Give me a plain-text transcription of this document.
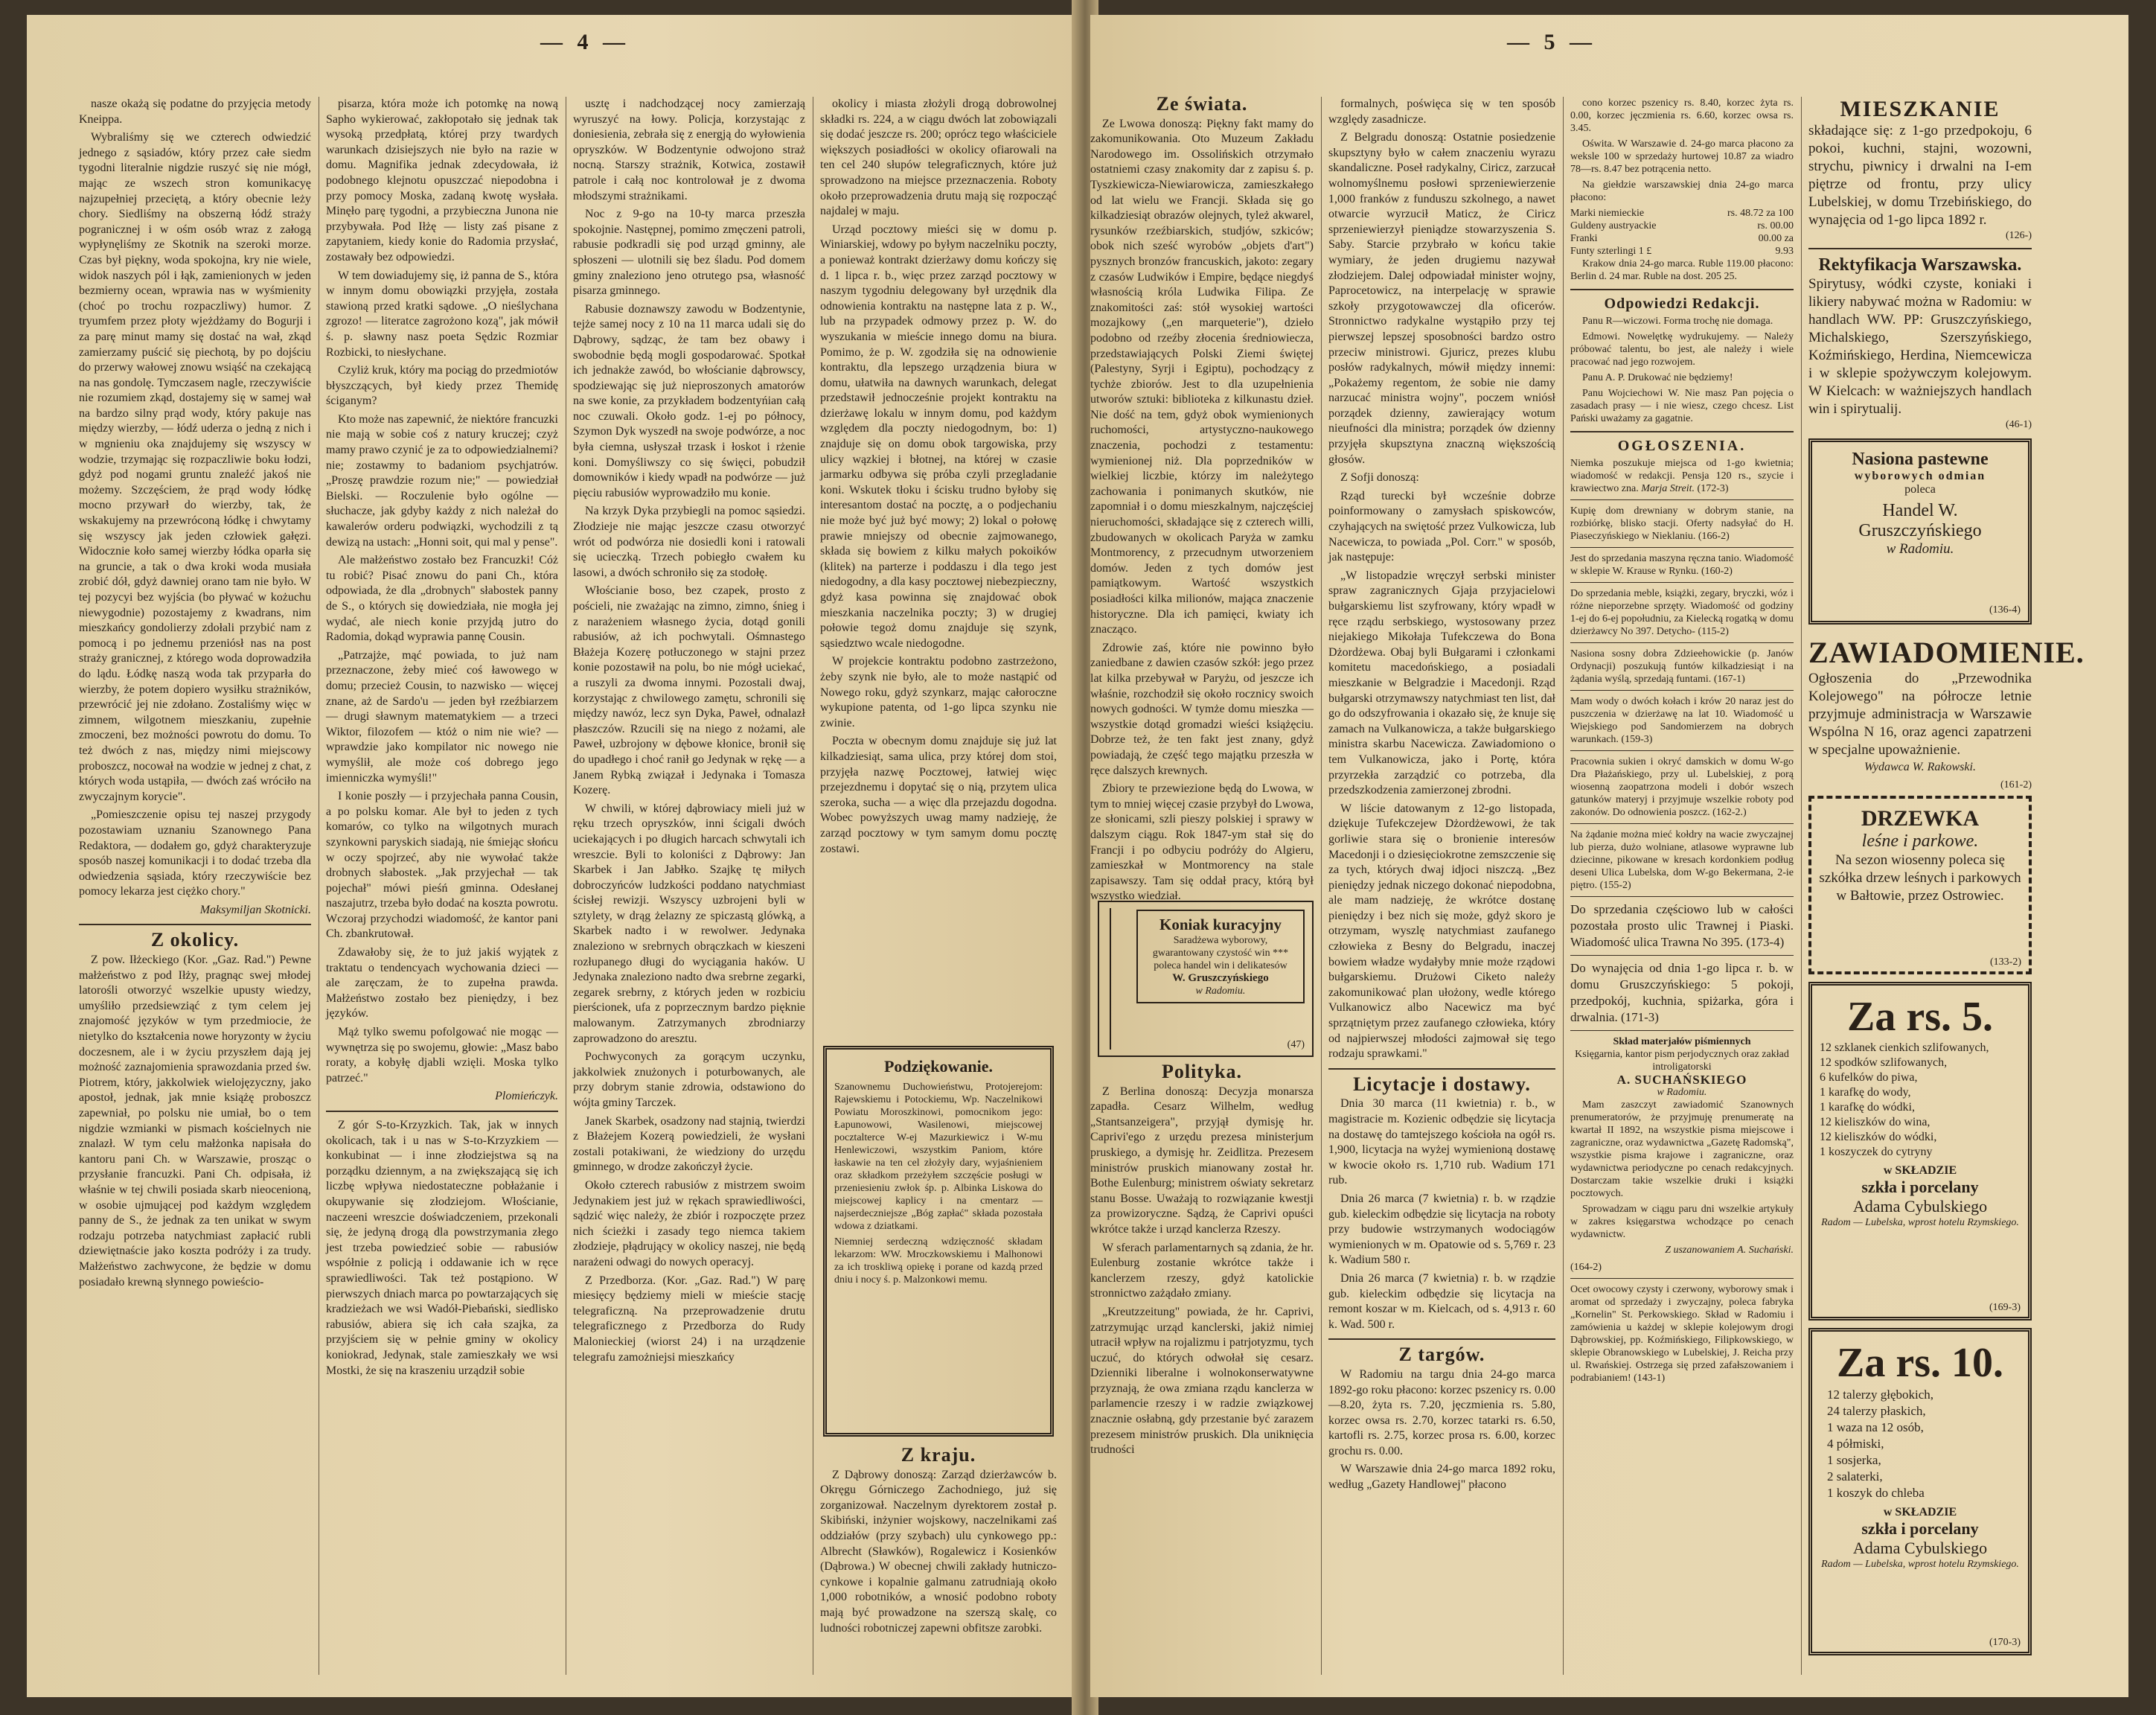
— 4 —

nasze okażą się podatne do przyjęcia metody Kneippa.

Wybraliśmy się we czterech odwiedzić jednego z sąsiadów, który przez całe siedm tygodni literalnie nigdzie ruszyć się nie mógł, mając ze wszech stron komunikacyę najzupełniej przeciętą, a który obecnie leży chory. Siedliśmy na obszerną łódź straży pogranicznej i w ośm osób wraz z załogą wypłynęliśmy ze Skotnik na szeroki morze. Czas był piękny, woda spokojna, kry nie wiele, widok naszych pól i łąk, zamienionych w jeden bezmierny ocean, wprawia nas w wyśmienity (choć po trochu rozpaczliwy) humor. Z tryumfem przez płoty wjeżdżamy do Bogurji i za parę minut mamy się dostać na wał, zkąd zamierzamy puścić się piechotą, by po dojściu do przerwy wałowej znowu wsiąść na czekającą na nas gondolę. Tymczasem nagle, rzeczywiście nie rozumiem zkąd, dostajemy się w samej wał na bardzo silny prąd wody, który pakuje nas między wierzby, — łódź uderza o jedną z nich i w mgnieniu oka znajdujemy się wszyscy w wodzie, trzymając się rozpaczliwie boku łodzi, gdyż pod nogami gruntu znaleźć jakoś nie możemy. Szczęściem, że prąd wody łódkę mocno przywarł do wierzby, tak, że wskakujemy na przewróconą łódkę i chwytamy się wszyscy jak jeden człowiek gałęzi. Widocznie koło samej wierzby łódka oparła się na gruncie, a tak o dwa kroki woda musiała zrobić dół, gdyż dawniej orano tam nie było. W tej pozycyi bez wyjścia (bo pływać w kożuchu niewygodnie) pozostajemy z kwadrans, nim mieszkańcy gondolierzy zdołali przybić nam z pomocą i po jednemu przeniósł nas na post straży granicznej, z którego woda doprowadziła do lądu. Łódkę naszą woda tak przyparła do wierzby, że potem dopiero wysiłku strażników, przewrócić jej nie zdołano. Zostaliśmy więc w zimnem, wilgotnem mieszkaniu, zupełnie zmoczeni, bez możności powrotu do domu. To też dwóch z nas, między nimi miejscowy proboszcz, nocował na wodzie w jednej z chat, z których woda ustąpiła, — dwóch zaś wróciło na zwyczajnym korycie".

„Pomieszczenie opisu tej naszej przygody pozostawiam uznaniu Szanownego Pana Redaktora, — dodałem go, gdyż charakteryzuje sposób naszej komunikacji i to dodać trzeba dla odwiedzenia sąsiada, który rzeczywiście bez pomocy lekarza jest ciężko chory."

Maksymiljan Skotnicki.
Z okolicy.

Z pow. Iłżeckiego (Kor. „Gaz. Rad.") Pewne małżeństwo z pod Iłży, pragnąc swej młodej latorośli otworzyć wszelkie upusty wiedzy, umyśliło przedsiewziąć z tym celem jej znajomość języków w tym przedmiocie, że nietylko do kształcenia nowe horyzonty w życiu doczesnem, ale i w życiu przyszłem dają jej możność zaznajomienia sprawozdania przed św. Piotrem, który, jakkolwiek wielojęzyczny, jako apostoł, jednak, jak mnie książę proboszcz zapewniał, po polsku nie umiał, bo o tem nigdzie wzmianki w pismach kościelnych nie znalazł. W tym celu małżonka napisała do kantoru pani Ch. w Warszawie, prosząc o przysłanie francuzki. Pani Ch. odpisała, iż właśnie w tej chwili posiada skarb nieocenioną, w osobie ujmującej pod każdym względem panny de S., że jednak za ten unikat w swym rodzaju potrzeba natychmiast zapłacić rubli dziewiętnaście jako koszta podróży i za trudy. Małżeństwo zachwycone, że będzie w domu posiadało krewną słynnego powieścio-

pisarza, która może ich potomkę na nową Sapho wykierować, zakłopotało się jednak tak wysoką przedpłatą, której przy twardych warunkach dzisiejszych nie było na razie w domu. Magnifika jednak zdecydowała, iż podobnego klejnotu opuszczać niepodobna i przy pomocy Moska, zadaną kwotę wysłała. Minęło parę tygodni, a przybieczna Junona nie przybywała. Pod Iłżę — listy zaś pisane z zapytaniem, kiedy konie do Radomia przysłać, zostawały bez odpowiedzi.

W tem dowiadujemy się, iż panna de S., która w innym domu obowiązki przyjęła, została stawioną przed kratki sądowe. „O nieślychana zgrozo! — literatce zagrożono kozą", jak mówił ś. p. sławny nasz poeta Sędzic Rozmiar Rozbicki, to niesłychane.

Czyliż kruk, który ma pociąg do przedmiotów błyszczących, był kiedy przez Themidę ściganym?

Kto może nas zapewnić, że niektóre francuzki nie mają w sobie coś z natury kruczej; czyż mamy prawo czynić je za to odpowiedzialnemi? nie; zostawmy to badaniom psychjatrów. „Proszę prawdzie rozum nie;" — powiedział Bielski. — Roczulenie było ogólne — słuchacze, jak gdyby każdy z nich należał do kawalerów orderu podwiązki, wychodzili z tą dewizą na ustach: „Honni soit, qui mal y pense".

Ale małżeństwo zostało bez Francuzki! Cóż tu robić? Pisać znowu do pani Ch., która odpowiada, że dla „drobnych" słabostek panny de S., o których się dowiedziała, nie mogła jej wydać, ale niech konie przyjdą jutro do Radomia, dokąd wyprawia pannę Cousin.

„Patrzajże, mąć powiada, to już nam przeznaczone, żeby mieć coś ławowego w domu; przecież Cousin, to nazwisko — więcej znane, aż de Sardo'u — jeden był rzeźbiarzem — drugi sławnym matematykiem — a trzeci Wiktor, filozofem — któż o nim nie wie? — wprawdzie jako kompilator nic nowego nie wymyślił, ale może coś dobrego jego imienniczka wymyśli!"

I konie poszły — i przyjechała panna Cousin, a po polsku komar. Ale był to jeden z tych komarów, co tylko na wilgotnych murach szynkowni paryskich siadają, nie śmiejąc słońcu w oczy spojrzeć, aby nie wywołać także drobnych słabostek. „Jak przyjechał — tak pojechał" mówi pieśń gminna. Odesłanej naszajutrz, trzeba było dodać na koszta powrotu. Wczoraj przychodzi wiadomość, że kantor pani Ch. zbankrutował.

Zdawałoby się, że to już jakiś wyjątek z traktatu o tendencyach wychowania dzieci — ale zaręczam, że to zupełna prawda. Małżeństwo zostało bez pieniędzy, i bez języków.

Mąż tylko swemu pofolgować nie mogąc — wywnętrza się po swojemu, głowie: „Masz babo roraty, a kobyłę djabli wzięli. Moska tylko patrzeć."

Plomieńczyk.

Z gór S-to-Krzyzkich. Tak, jak w innych okolicach, tak i u nas w S-to-Krzyzkiem — konkubinat — i inne złodziejstwa są na porządku dziennym, a na zwiększającą się ich liczbę wpływa niedostateczne pobłażanie i okupywanie się złodziejom. Włościanie, naczeeni wreszcie doświadczeniem, przekonali się, że jedyną drogą dla powstrzymania złego jest trzeba powiedzieć sobie — rabusiów współnie z policją i oddawanie ich w ręce sprawiedliwości. Tak też postąpiono. W pierwszych dniach marca po powtarzających się kradzieżach we wsi Wadół-Piebański, siedlisko rabusiów, abiera się ich cała szajka, za przyjściem się w pełnie gminy w okolicy koniokrad, Jedynak, stale zamieszkały we wsi Mostki, że się na kraszeniu urządził sobie

usztę i nadchodzącej nocy zamierzają wyruszyć na łowy. Policja, korzystając z doniesienia, zebrała się z energją do wyłowienia opryszków. W Bodzentynie odwojono straż nocną. Starszy strażnik, Kotwica, zostawił patrole i całą noc kontrolował je z dwoma młodszymi strażnikami.

Noc z 9-go na 10-ty marca przeszła spokojnie. Następnej, pomimo zmęczeni patroli, rabusie podkradli się pod urząd gminny, ale spłoszeni — ulotnili się bez śladu. Pod domem gminy znaleziono jeno otrutego psa, własność pisarza gminnego.

Rabusie doznawszy zawodu w Bodzentynie, tejże samej nocy z 10 na 11 marca udali się do Dąbrowy, sądząc, że tam bez obawy i swobodnie będą mogli gospodarować. Spotkał ich jednakże zawód, bo włościanie dąbrowscy, spodziewając się już nieproszonych amatorów na swe konie, za przykładem bodzentyńian całą noc czuwali. Około godz. 1-ej po północy, Szymon Dyk wyszedł na swoje podwórze, a noc była ciemna, usłyszał trzask i łoskot i rżenie koni. Domyśliwszy co się święci, pobudził domowników i kiedy wpadł na podwórze — już pięciu rabusiów wyprowadziło mu konie.

Na krzyk Dyka przybiegli na pomoc sąsiedzi. Złodzieje nie mając jeszcze czasu otworzyć wrót od podwórza nie dosiedli koni i ratowali się ucieczką. Trzech pobiegło cwałem ku lasowi, a dwóch schroniło się za stodołę.

Włościanie boso, bez czapek, prosto z pościeli, nie zważając na zimno, zimno, śnieg i z narażeniem własnego życia, dotąd gonili rabusiów, aż ich pochwytali. Ośmnastego Błażeja Kozerę potłuczonego w stajni przez konie pozostawił na polu, bo nie mógł uciekać, a ruszyli za dwoma innymi. Pozostali dwaj, korzystając z chwilowego zamętu, schronili się między nawóz, lecz syn Dyka, Paweł, odnalazł płaszczów. Rzucili się na niego z nożami, ale Paweł, uzbrojony w dębowe kłonice, bronił się do upadłego i choć ranił go Jedynak w rękę — a Janem Rybką związał i Jedynaka i Tomasza Kozerę.

W chwili, w której dąbrowiacy mieli już w ręku trzech opryszków, inni ścigali dwóch uciekających i po długich harcach schwytali ich wreszcie. Byli to koloniści z Dąbrowy: Jan Skarbek i Jan Jabłko. Szajkę tę miłych dobroczyńców ludzkości poddano natychmiast ścisłej rewizji. Wszyscy uzbrojeni byli w sztylety, w drąg żelazny ze spiczastą glówką, a Skarbek nadto i w rewolwer. Jedynaka znaleziono w srebrnych obrączkach w kieszeni rozłupanego długi do wyciągania haków. U Jedynaka znaleziono nadto dwa srebrne zegarki, zegarek srebrny, z których jeden w rozbiciu pierścionek, ufa z poprzecznym bardzo pięknie malowanym. Zatrzymanych zbrodniarzy zaprowadzono do aresztu.

Pochwyconych za gorącym uczynku, jakkolwiek znużonych i poturbowanych, ale przy dobrym stanie zdrowia, odstawiono do wójta gminy Tarczek.

Janek Skarbek, osadzony nad stajnią, twierdzi z Błażejem Kozerą powiedzieli, że wysłani zostali potakiwani, że wiedziony do urzędu gminnego, w drodze zakończył życie.

Około czterech rabusiów z mistrzem swoim Jedynakiem jest już w rękach sprawiedliwości, sądzić więc należy, że zbiór i rozpoczęte przez nich ścieżki i zasady tego niemca takiem złodzieje, płądrujący w okolicy naszej, nie będą narażeni odwagi do nowych operacyj.

Z Przedborza. (Kor. „Gaz. Rad.") W parę miesięcy będziemy mieli w mieście stację telegraficzną. Na przeprowadzenie drutu telegraficznego z Przedborza do Rudy Malonieckiej (wiorst 24) i na urządzenie telegrafu zamożniejsi mieszkańcy

okolicy i miasta złożyli drogą dobrowolnej składki rs. 224, a w ciągu dwóch lat zobowiązali się dodać jeszcze rs. 200; oprócz tego właściciele większych posiadłości w okolicy ofiarowali na ten cel 240 słupów telegraficznych, które już sprowadzono na miejsce przeznaczenia. Roboty około przeprowadzenia drutu mają się rozpocząć najdalej w maju.

Urząd pocztowy mieści się w domu p. Winiarskiej, wdowy po byłym naczelniku poczty, a ponieważ kontrakt dzierżawy domu kończy się d. 1 lipca r. b., więc przez zarząd pocztowy w naszym tygodniu delegowany był urzędnik dla odnowienia kontraktu na następne lata z p. W., lub na przypadek odmowy przez p. W. do wyszukania w mieście innego domu na biura. Pomimo, że p. W. zgodziła się na odnowienie kontraktu, dla lepszego urządzenia biura w domu, ułatwiła na dawnych warunkach, delegat przedstawił jednocześnie projekt kontraktu na dzierżawę lokalu w innym domu, pod każdym względem dla poczty niedogodnym, bo: 1) znajduje się on domu obok targowiska, przy ulicy wązkiej i błotnej, na której w czasie jarmarku odbywa się próba czyli przegladanie koni. Wskutek tłoku i ścisku trudno byłoby się interesantom dostać na pocztę, a o podjechaniu nie może być już być mowy; 2) lokal o połowę prawie mniejszy od obecnie zajmowanego, składa się bowiem z kilku małych pokoików (klitek) na parterze i poddaszu i dla tego jest niedogodny, a dla kasy pocztowej niebezpieczny, gdyż kasa powinna się znajdować obok mieszkania naczelnika poczty; 3) w drugiej połowie tegoż domu znajduje się szynk, sąsiedztwo wcale niedogodne.

W projekcie kontraktu podobno zastrzeżono, żeby szynk nie było, ale to może nastąpić od Nowego roku, gdyż szynkarz, mając całoroczne wykupione patenta, od 1-go lipca szynku nie zwinie.

Poczta w obecnym domu znajduje się już lat kilkadziesiąt, sama ulica, przy której dom stoi, przyjęła nazwę Pocztowej, łatwiej więc przejezdnemu i dopytać się o nią, przytem ulica szeroka, sucha — a więc dla przejazdu dogodna. Wobec powyższych uwag mamy nadzieję, że zarząd pocztowy w tym samym domu pocztę zostawi.

Podziękowanie.
Szanownemu Duchowieństwu, Protojerejom: Rajewskiemu i Potockiemu, Wp. Naczelnikowi Powiatu Moroszkinowi, pomocnikom jego: Łapunowowi, Wasilenowi, miejscowej pocztalterce W-ej Mazurkiewicz i W-mu Henlewiczowi, wszystkim Paniom, które łaskawie na ten cel złożyły dary, wyjaśnieniem oraz składkom przeżyłem szczęście posługi w przeniesieniu zwłok śp. p. Albinka Liskowa do miejscowej kaplicy i na cmentarz — najserdeczniejsze „Bóg zapłać" składa pozostała wdowa z dziatkami.
Niemniej serdeczną wdzięczność składam lekarzom: WW. Mroczkowskiemu i Malhonowi za ich troskliwą opiekę i porane od kazdą przed dniu i nocy ś. p. Malzonkowi memu.
Z kraju.

Z Dąbrowy donoszą: Zarząd dzierżawców b. Okręgu Górniczego Zachodniego, już się zorganizował. Naczelnym dyrektorem został p. Skibiński, inżynier wojskowy, naczelnikami zaś oddziałów (przy szybach) ulu cynkowego pp.: Albrecht (Sławków), Rogalewicz i Kosienków (Dąbrowa.) W obecnej chwili zakłady hutniczo-cynkowe i kopalnie galmanu zatrudniają około 1,000 robotników, a wnosić podobno roboty mają być prowadzone na szerszą skalę, co ludności robotniczej zapewni obfitsze zarobki.

— 5 —
Ze świata.

Ze Lwowa donoszą: Piękny fakt mamy do zakomunikowania. Oto Muzeum Zakładu Narodowego im. Ossolińskich otrzymało ostatniemi czasy znakomity dar z zapisu ś. p. Tyszkiewicza-Niewiarowicza, zamieszkałego od lat wielu we Francji. Składa się go kilkadziesiąt obrazów olejnych, tyleż akwarel, rysunków rzeźbiarskich, studjów, szkiców; obok nich sześć wyrobów „objets d'art") pysznych bronzów francuskich, jakoto: zegary z czasów Ludwików i Empire, będące niegdyś własnością króla Ludwika Filipa. Ze znakomitości zaś: stół wysokiej wartości mozajkowy („en marqueterie"), dzieło podobno od rzeźby złocenia średniowiecza, przedstawiających Polski Ziemi świętej (Palestyny, Syrji i Egiptu), pochodzący z tychże zbiorów. Jest to dla uzupełnienia utworów sztuki: biblioteka z kilkunastu dzieł. Nie dość na tem, gdyż obok wymienionych ruchomości, artystyczno-naukowego znaczenia, pochodzi z testamentu: wymienionej niż. Dla poprzedników w wielkiej liczbie, którzy im należytego zachowania i ponimanych skutków, nie zapomniał i o domu mieszkalnym, najczęściej nieruchomości, składające się z czterech willi, zbudowanych w okolicach Paryża w zamku Montmorency, z przecudnym utworzeniem domów. Jeden z tych domów jest pamiątkowym. Wartość wszystkich posiadłości kilka milionów, mająca znaczenie historyczne. Dla ich pamięci, kwiaty ich znacząco.

Zdrowie zaś, które nie powinno było zaniedbane z dawien czasów szkół: jego przez lat kilka przebywał w Paryżu, od jeszcze ich właśnie, rozchodził się około rocznicy swoich nowych godności. W tymże domu mieszka — wszystkie dotąd gromadzi wieści książęciu. Dobrze też, że ten fakt jest znany, gdyż powiadają, że część tego majątku przeszła w ręce dalszych krewnych.

Zbiory te przewiezione będą do Lwowa, w tym to mniej więcej czasie przybył do Lwowa, ze słonicami, szli pieszy polskiej i sprawy w dalszym ciągu. Rok 1847-ym stał się do Francji i po odbyciu podróży do Algieru, zamieszkał w Montmorency na stale zapisawszy. Tam się oddał pracy, którą był wszystko wiedział.

Koniak kuracyjny
Saradżewa wyborowy, gwarantowany czystość win *** poleca handel win i delikatesów
W. Gruszczyńskiego
w Radomiu.
(47)
Polityka.

Z Berlina donoszą: Decyzja monarsza zapadła. Cesarz Wilhelm, według „Stantsanzeigera", przyjął dymisję hr. Caprivi'ego z urzędu prezesa ministerjum pruskiego, a dymisję hr. Zeidlitza. Prezesem ministrów pruskich mianowany został hr. Bothe Eulenburg; ministrem oświaty sekretarz stanu Bosse. Uważają to rozwiązanie kwestji za prowizoryczne. Sądzą, że Caprivi opuści wkrótce także i urząd kanclerza Rzeszy.

W sferach parlamentarnych są zdania, że hr. Eulenburg zostanie wkrótce także i kanclerzem rzeszy, gdyż katolickie stronnictwo zażądało zmiany.

„Kreutzzeitung" powiada, że hr. Caprivi, zatrzymując urząd kanclerski, jakiż nimiej utracił wpływ na rojalizmu i patrjotyzmu, tych uczuć, do których odwołał się cesarz. Dzienniki liberalne i wolnokonserwatywne przyznają, że owa zmiana rządu kanclerza w parlamencie rzeszy i w radzie związkowej znacznie osłabną, gdy przestanie być zarazem prezesem ministrów pruskich. Dla uniknięcia trudności

formalnych, poświęca się w ten sposób względy zasadnicze.

Z Belgradu donoszą: Ostatnie posiedzenie skupsztyny było w całem znaczeniu wyrazu skandaliczne. Poseł radykalny, Ciricz, zarzucał wolnomyślnemu posłowi sprzeniewierzenie 1,000 franków z funduszu szkolnego, a nawet otwarcie wyrzucił Maticz, że Ciricz sprzeniewierzył pieniądze stowarzyszenia S. Saby. Starcie przybrało w końcu takie wymiary, że jeden drugiemu nazywał złodziejem. Dalej odpowiadał minister wojny, Paprocetowicz, na interpelację w sprawie szkoły przygotowawczej dla oficerów. Stronnictwo radykalne wystąpiło przy tej pierwszej lepszej sposobności bardzo ostro przeciw ministrowi. Gjuricz, prezes klubu posłów radykalnych, mówił między innemi: „Pokażemy regentom, że sobie nie damy narzucać ministra wojny", poczem wniósł porządek dzienny, zawierający wotum nieufności dla ministra; porządek ów dzienny przyjęła skupsztyna znaczną większością głosów.

Z Sofji donoszą:

Rząd turecki był wcześnie dobrze poinformowany o zamysłach spiskowców, czyhających na swiętość przez Vulkowicza, lub Nacewicza, to powiada „Pol. Corr." w sposób, jak następuje:

„W listopadzie wręczył serbski minister spraw zagranicznych Gjaja przyjacielowi bułgarskiemu list szyfrowany, który wpadł w ręce rządu serbskiego, wystosowany przez niejakiego Mikołaja Tufekczewa do Bona Dżordżewa. Obaj byli Bułgarami i członkami komitetu macedońskiego, a posiadali mieszkanie w Belgradzie i Macedonji. Rząd bułgarski otrzymawszy natychmiast ten list, dał go do odszyfrowania i okazało się, że knuje się zamach na Vulkanowicza, a także bułgarskiego ministra skarbu Nacewicza. Zawiadomiono o tem Vulkanowicza, jako i Portę, która przyrzekła zarządzić co potrzeba, dla przedszkodzenia zamierzonej zbrodni.

W liście datowanym z 12-go listopada, dziękuje Tufekczejew Dżordżewowi, że tak gorliwie stara się o bronienie interesów Macedonji i o dziesięciokrotne zemszczenie się za tych, których dwaj idjoci niszczą. „Bez pieniędzy jednak niczego dokonać niepodobna, ale mam nadzieję, że wkrótce dostanę pieniędzy i bez nich się może, gdyż skoro je otrzymam, wyszlę natychmiast zaufanego człowieka z Besny do Belgradu, inaczej bowiem władze wydałyby mnie może rządowi bułgarskiemu. Drużowi Ciketo należy zakomunikować plan ułożony, wedle którego Vulkanowicz albo Nacewicz ma być sprzątniętym przez zaufanego człowieka, który od najpierwszej młodości zajmował się tego rodzaju sprawkami."

Licytacje i dostawy.

Dnia 30 marca (11 kwietnia) r. b., w magistracie m. Kozienic odbędzie się licytacja na dostawę do tamtejszego kościoła na ogół rs. 1,900, licytacja na wyżej wymienioną dostawę w kwocie około rs. 1,710 rub. Wadium 171 rub.

Dnia 26 marca (7 kwietnia) r. b. w rządzie gub. kieleckim odbędzie się licytacja na roboty przy budowie wstrzymanych wodociągów wymienionych w m. Opatowie od s. 5,769 r. 23 k. Wadium 580 r.

Dnia 26 marca (7 kwietnia) r. b. w rządzie gub. kieleckim odbędzie się licytacja na remont koszar w m. Kielcach, od s. 4,913 r. 60 k. Wad. 500 r.

Z targów.

W Radomiu na targu dnia 24-go marca 1892-go roku płacono: korzec pszenicy rs. 0.00—8.20, żyta rs. 7.20, jęczmienia rs. 5.80, korzec owsa rs. 2.70, korzec tatarki rs. 6.50, kartofli rs. 2.75, korzec prosa rs. 6.00, korzec grochu rs. 0.00.

W Warszawie dnia 24-go marca 1892 roku, według „Gazety Handlowej" płacono

cono korzec pszenicy rs. 8.40, korzec żyta rs. 0.00, korzec jęczmienia rs. 6.60, korzec owsa rs. 3.45.

Oświta. W Warszawie d. 24-go marca płacono za weksle 100 w sprzedaży hurtowej 10.87 za wiadro 78—rs. 8.47 bez potrącenia netto.

Na giełdzie warszawskiej dnia 24-go marca płacono:

Marki niemieckie	rs. 48.72 za 100
Guldeny austryackie	rs. 00.00
Franki	00.00 za
Funty szterlingi 1 £	9.93

Krakow dnia 24-go marca. Ruble 119.00 płacono: Berlin d. 24 mar. Ruble na dost. 205 25.

Odpowiedzi Redakcji.

Panu R—wiczowi. Forma trochę nie domaga.

Edmowi. Nowelętkę wydrukujemy. — Należy próbować talentu, bo jest, ale należy i wiele pracować nad jego rozwojem.

Panu A. P. Drukować nie będziemy!

Panu Wojciechowi W. Nie masz Pan pojęcia o zasadach prasy — i nie wiesz, czego chcesz. List Pański uważamy za gagatnie.

OGŁOSZENIA.
Niemka poszukuje miejsca od 1-go kwietnia; wiadomość w redakcji. Pensja 120 rs., szycie i krawiectwo zna. Marja Streit. (172-3)
Kupię dom drewniany w dobrym stanie, na rozbiórkę, blisko stacji. Oferty nadsyłać do H. Piaseczyńskiego w Nieklaniu. (166-2)
Jest do sprzedania maszyna ręczna tanio. Wiadomość w sklepie W. Krause w Rynku. (160-2)
Do sprzedania meble, książki, zegary, bryczki, wóz i różne nieporzebne sprzęty. Wiadomość od godziny 1-ej do 6-ej popołudniu, za Kielecką rogatką w domu dzierżawcy No 397. Detycho- (115-2)
Nasiona sosny dobra Zdzieehowickie (p. Janów Ordynacji) poszukują funtów kilkadziesiąt i na żądania wyślą, sprzedają funtami. (167-1)
Mam wody o dwóch kołach i krów 20 naraz jest do puszczenia w dzierżawę na lat 10. Wiadomość u Wiejskiego pod Sandomierzem na dobrych warunkach. (159-3)
Pracownia sukien i okryć damskich w domu W-go Dra Płażańskiego, przy ul. Lubelskiej, z porą wiosenną zaopatrzona modeli i dobór wszech gatunków materyj i przyjmuje wszelkie roboty pod zakonów. Do odnowienia poszcz. (162-2.)
Na żądanie można mieć kołdry na wacie zwyczajnej lub pierza, dużo wolniane, atlasowe wyprawne lub dziecinne, pikowane w kresach kordonkiem podług deseni Ulica Lubelska, dom W-go Bekermana, 2-ie piętro. (155-2)
Do sprzedania częściowo lub w całości pozostała prosto ulic Trawnej i Piaski. Wiadomość ulica Trawna No 395. (173-4)
Do wynajęcia od dnia 1-go lipca r. b. w domu Gruszczyńskiego: 5 pokoji, przedpokój, kuchnia, spiżarka, góra i drwalnia. (171-3)
Skład materjałów piśmiennych
Księgarnia, kantor pism perjodycznych oraz zakład introligatorski
A. SUCHAŃSKIEGO
w Radomiu.

Mam zaszczyt zawiadomić Szanownych prenumeratorów, że przyjmuję prenumeratę na kwartał II 1892, na wszystkie pisma miejscowe i zagraniczne, oraz wydawnictwa „Gazetę Radomską", wszystkie pisma krajowe i zagraniczne, oraz wydawnictwa periodyczne po cenach redakcyjnych. Dostarczam takie wszelkie druki i książki pocztowych.

Sprowadzam w ciągu paru dni wszelkie artykuły w zakres księgarstwa wchodzące po cenach wydawnictw.

Z uszanowaniem A. Suchański.
(164-2)
Ocet owocowy czysty i czerwony, wyborowy smak i aromat od sprzedaży i zwyczajny, poleca fabryka „Kornelin" St. Perkowskiego. Skład w Radomiu i zamówienia u każdej w sklepie kolejowym drogi Dąbrowskiej, pp. Koźmińskiego, Filipkowskiego, w sklepie Obranowskiego w Lubelskiej, J. Reicha przy ul. Rwańskiej. Ostrzega się przed zafałszowaniem i podrabianiem! (143-1)
MIESZKANIE
składające się: z 1-go przedpokoju, 6 pokoi, kuchni, stajni, wozowni, strychu, piwnicy i drwalni na I-em piętrze od frontu, przy ulicy Lubelskiej, w domu Trzebińskiego, do wynajęcia od 1-go lipca 1892 r.
(126-)
Rektyfikacja Warszawska.
Spirytusy, wódki czyste, koniaki i likiery nabywać można w Radomiu: w handlach WW. PP: Gruszczyńskiego, Michalskiego, Szerszyńskiego, Koźmińskiego, Herdina, Niemcewicza i w sklepie spożywczym kolejowym. W Kielcach: w ważniejszych handlach win i spirytualij.
(46-1)
Nasiona pastewne
wyborowych odmian
poleca
Handel W. Gruszczyńskiego
w Radomiu.
(136-4)
ZAWIADOMIENIE.
Ogłoszenia do „Przewodnika Kolejowego" na półrocze letnie przyjmuje administracja w Warszawie Wspólna N 16, oraz agenci zapatrzeni w specjalne upoważnienie.
Wydawca W. Rakowski.
(161-2)
DRZEWKA
leśne i parkowe.
Na sezon wiosenny poleca się szkółka drzew leśnych i parkowych w Bałtowie, przez Ostrowiec.
(133-2)
Za rs. 5.
12 szklanek cienkich szlifowanych,
12 spodków szlifowanych,
6 kufelków do piwa,
1 karafkę do wody,
1 karafkę do wódki,
12 kieliszków do wina,
12 kieliszków do wódki,
1 koszyczek do cytryny
w SKŁADZIE
szkła i porcelany
Adama Cybulskiego
Radom — Lubelska, wprost hotelu Rzymskiego.
(169-3)
Za rs. 10.
12 talerzy głębokich,
24 talerzy płaskich,
1 waza na 12 osób,
4 półmiski,
1 sosjerka,
2 salaterki,
1 koszyk do chleba
w SKŁADZIE
szkła i porcelany
Adama Cybulskiego
Radom — Lubelska, wprost hotelu Rzymskiego.
(170-3)
